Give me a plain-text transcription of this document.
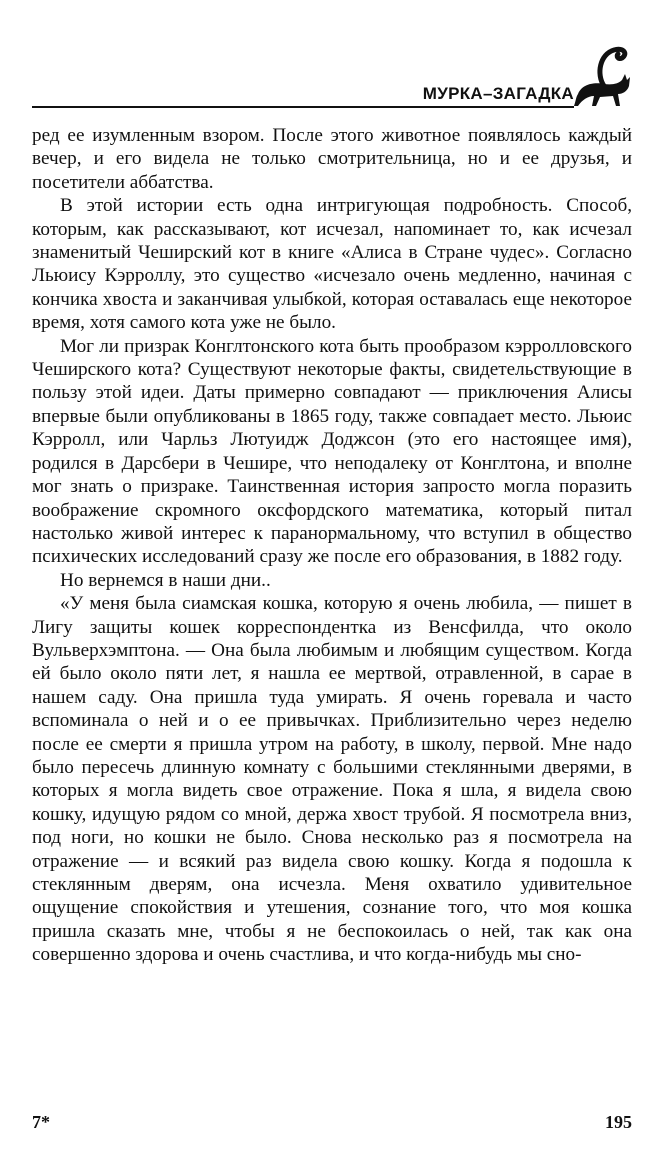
МУРКА–ЗАГАДКА

ред ее изумленным взором. После этого животное появлялось каждый вечер, и его видела не только смотрительница, но и ее друзья, и посетители аббатства.

В этой истории есть одна интригующая подробность. Способ, которым, как рассказывают, кот исчезал, напоминает то, как исчезал знаменитый Чеширский кот в книге «Алиса в Стране чудес». Согласно Льюису Кэрроллу, это существо «исчезало очень медленно, начиная с кончика хвоста и заканчивая улыбкой, которая оставалась еще некоторое время, хотя самого кота уже не было.

Мог ли призрак Конглтонского кота быть прообразом кэрролловского Чеширского кота? Существуют некоторые факты, свидетельствующие в пользу этой идеи. Даты примерно совпадают — приключения Алисы впервые были опубликованы в 1865 году, также совпадает место. Льюис Кэрролл, или Чарльз Лютуидж Доджсон (это его настоящее имя), родился в Дарсбери в Чешире, что неподалеку от Конглтона, и вполне мог знать о призраке. Таинственная история запросто могла поразить воображение скромного оксфордского математика, который питал настолько живой интерес к паранормальному, что вступил в общество психических исследований сразу же после его образования, в 1882 году.

Но вернемся в наши дни..

«У меня была сиамская кошка, которую я очень любила, — пишет в Лигу защиты кошек корреспондентка из Венсфилда, что около Вульверхэмптона. — Она была любимым и любящим существом. Когда ей было около пяти лет, я нашла ее мертвой, отравленной, в сарае в нашем саду. Она пришла туда умирать. Я очень горевала и часто вспоминала о ней и о ее привычках. Приблизительно через неделю после ее смерти я пришла утром на работу, в школу, первой. Мне надо было пересечь длинную комнату с большими стеклянными дверями, в которых я могла видеть свое отражение. Пока я шла, я видела свою кошку, идущую рядом со мной, держа хвост трубой. Я посмотрела вниз, под ноги, но кошки не было. Снова несколько раз я посмотрела на отражение — и всякий раз видела свою кошку. Когда я подошла к стеклянным дверям, она исчезла. Меня охватило удивительное ощущение спокойствия и утешения, сознание того, что моя кошка пришла сказать мне, чтобы я не беспокоилась о ней, так как она совершенно здорова и очень счастлива, и что когда-нибудь мы сно-

7*	195
